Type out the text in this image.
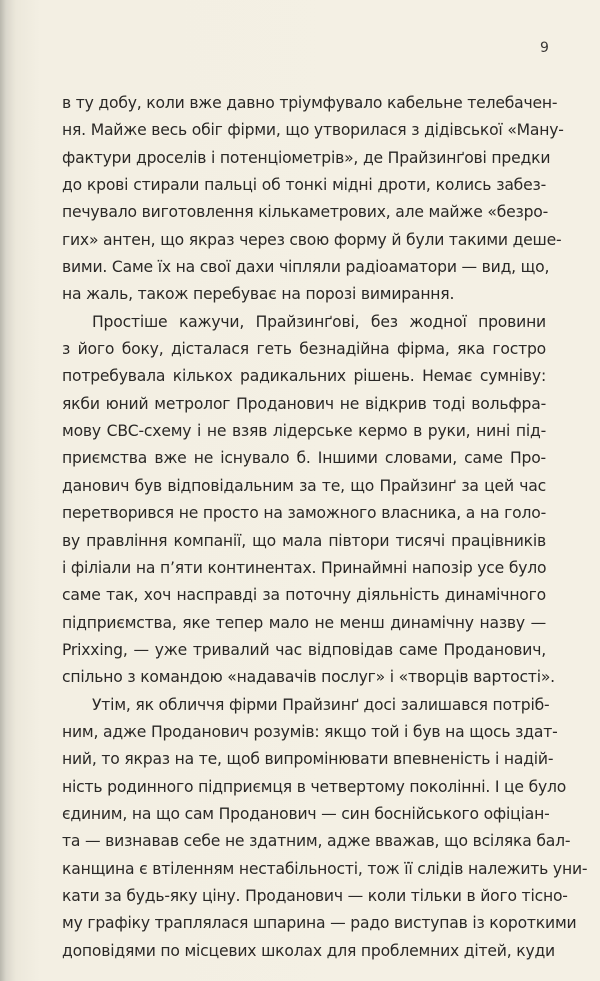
9
в ту добу, коли вже давно тріумфувало кабельне телебачен-
ня. Майже весь обіг фірми, що утворилася з дідівської «Ману-
фактури дроселів і потенціометрів», де Прайзинґові предки
до крові стирали пальці об тонкі мідні дроти, колись забез-
печувало виготовлення кількаметрових, але майже «безро-
гих» антен, що якраз через свою форму й були такими деше-
вими. Саме їх на свої дахи чіпляли радіоаматори — вид, що,
на жаль, також перебуває на порозі вимирання.
Простіше кажучи, Прайзинґові, без жодної провини
з його боку, дісталася геть безнадійна фірма, яка гостро
потребувала кількох радикальних рішень. Немає сумніву:
якби юний метролог Проданович не відкрив тоді вольфра-
мову СВС-схему і не взяв лідерське кермо в руки, нині під-
приємства вже не існувало б. Іншими словами, саме Про-
данович був відповідальним за те, що Прайзинґ за цей час
перетворився не просто на заможного власника, а на голо-
ву правління компанії, що мала півтори тисячі працівників
і філіали на п’яти континентах. Принаймні напозір усе було
саме так, хоч насправді за поточну діяльність динамічного
підприємства, яке тепер мало не менш динамічну назву —
Prixxing, — уже тривалий час відповідав саме Проданович,
спільно з командою «надавачів послуг» і «творців вартості».
Утім, як обличчя фірми Прайзинґ досі залишався потріб-
ним, адже Проданович розумів: якщо той і був на щось здат-
ний, то якраз на те, щоб випромінювати впевненість і надій-
ність родинного підприємця в четвертому поколінні. І це було
єдиним, на що сам Проданович — син боснійського офіціан-
та — визнавав себе не здатним, адже вважав, що всіляка бал-
канщина є втіленням нестабільності, тож її слідів належить уни-
кати за будь-яку ціну. Проданович — коли тільки в його тісно-
му графіку траплялася шпарина — радо виступав із короткими
доповідями по місцевих школах для проблемних дітей, куди
